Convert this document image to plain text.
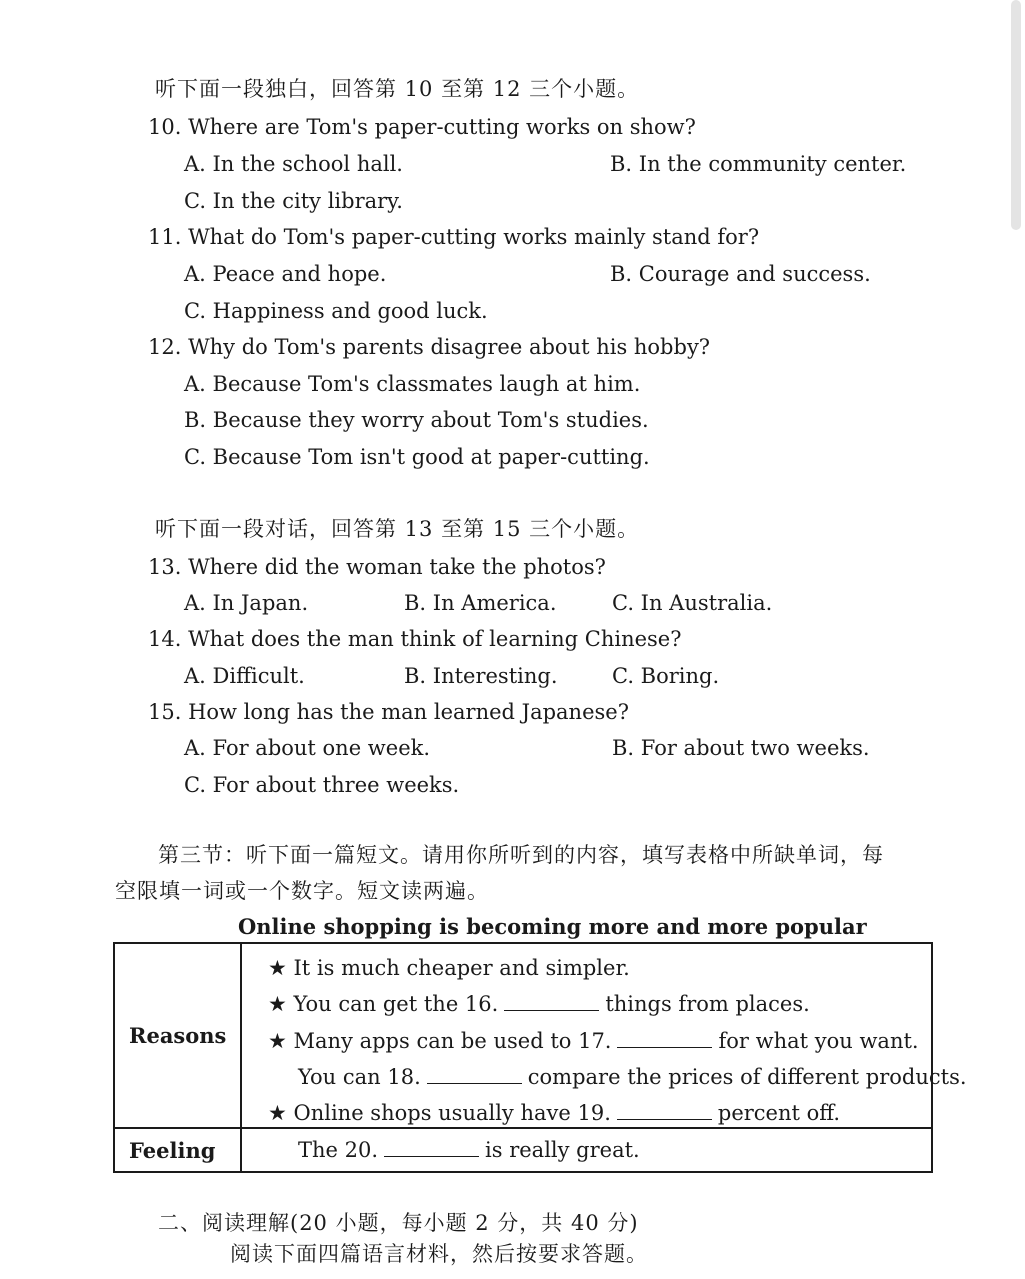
听下面一段独白，回答第 10 至第 12 三个小题。
10. Where are Tom's paper-cutting works on show?
A. In the school hall.	B. In the community center.
C. In the city library.
11. What do Tom's paper-cutting works mainly stand for?
A. Peace and hope.	B. Courage and success.
C. Happiness and good luck.
12. Why do Tom's parents disagree about his hobby?
A. Because Tom's classmates laugh at him.
B. Because they worry about Tom's studies.
C. Because Tom isn't good at paper-cutting.
听下面一段对话，回答第 13 至第 15 三个小题。
13. Where did the woman take the photos?
A. In Japan.	B. In America.	C. In Australia.
14. What does the man think of learning Chinese?
A. Difficult.	B. Interesting.	C. Boring.
15. How long has the man learned Japanese?
A. For about one week.	B. For about two weeks.
C. For about three weeks.
第三节：听下面一篇短文。请用你所听到的内容，填写表格中所缺单词，每
空限填一词或一个数字。短文读两遍。
Online shopping is becoming more and more popular
Reasons	★ It is much cheaper and simpler.
★ You can get the 16. things from places.
★ Many apps can be used to 17. for what you want.
You can 18. compare the prices of different products.
★ Online shops usually have 19. percent off.

Feeling	The 20. is really great.
二、阅读理解(20 小题，每小题 2 分，共 40 分)
阅读下面四篇语言材料，然后按要求答题。
